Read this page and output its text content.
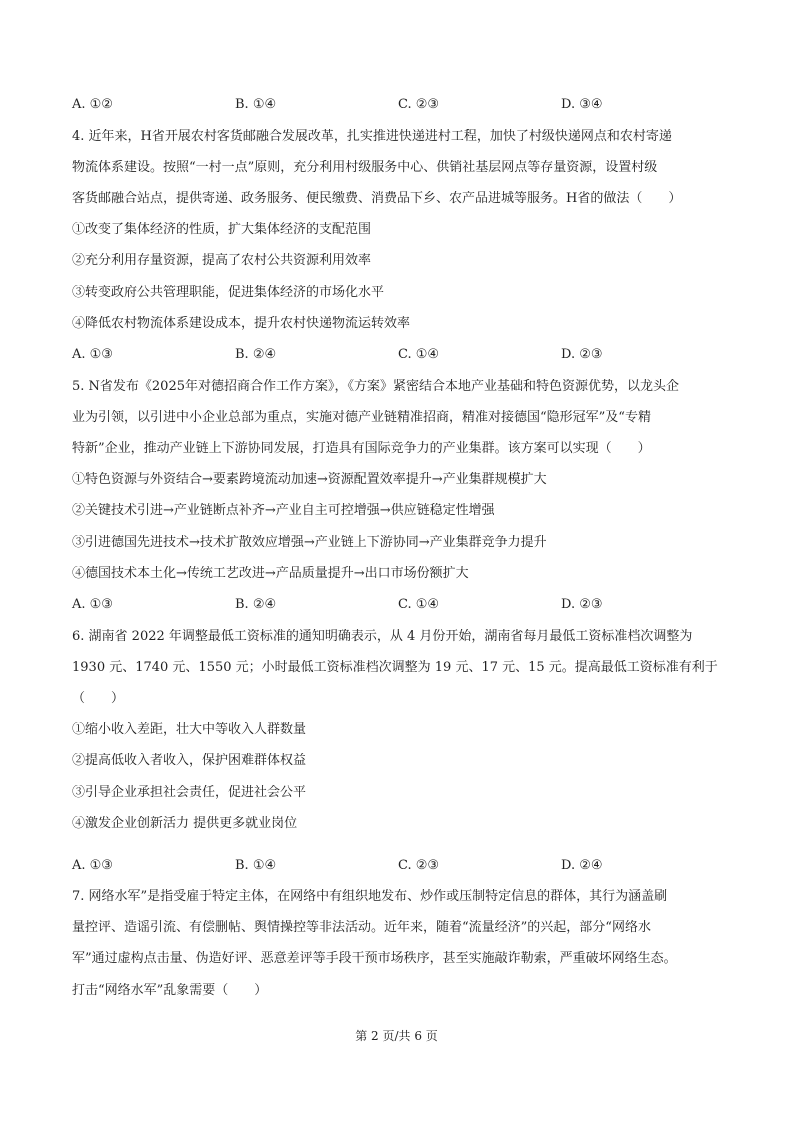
A. ①②	B. ①④	C. ②③	D. ③④
4. 近年来，H省开展农村客货邮融合发展改革，扎实推进快递进村工程，加快了村级快递网点和农村寄递
物流体系建设。按照“一村一点”原则，充分利用村级服务中心、供销社基层网点等存量资源，设置村级
客货邮融合站点，提供寄递、政务服务、便民缴费、消费品下乡、农产品进城等服务。H省的做法（　　）
①改变了集体经济的性质，扩大集体经济的支配范围
②充分利用存量资源，提高了农村公共资源利用效率
③转变政府公共管理职能，促进集体经济的市场化水平
④降低农村物流体系建设成本，提升农村快递物流运转效率
A. ①③	B. ②④	C. ①④	D. ②③
5. N省发布《2025年对德招商合作工作方案》，《方案》紧密结合本地产业基础和特色资源优势，以龙头企
业为引领，以引进中小企业总部为重点，实施对德产业链精准招商，精准对接德国“隐形冠军”及“专精
特新”企业，推动产业链上下游协同发展，打造具有国际竞争力的产业集群。该方案可以实现（　　）
①特色资源与外资结合→要素跨境流动加速→资源配置效率提升→产业集群规模扩大
②关键技术引进→产业链断点补齐→产业自主可控增强→供应链稳定性增强
③引进德国先进技术→技术扩散效应增强→产业链上下游协同→产业集群竞争力提升
④德国技术本土化→传统工艺改进→产品质量提升→出口市场份额扩大
A. ①③	B. ②④	C. ①④	D. ②③
6. 湖南省 2022 年调整最低工资标准的通知明确表示，从 4 月份开始，湖南省每月最低工资标准档次调整为
1930 元、1740 元、1550 元；小时最低工资标准档次调整为 19 元、17 元、15 元。提高最低工资标准有利于
（　　）
①缩小收入差距，壮大中等收入人群数量
②提高低收入者收入，保护困难群体权益
③引导企业承担社会责任，促进社会公平
④激发企业创新活力 提供更多就业岗位
A. ①③	B. ①④	C. ②③	D. ②④
7. 网络水军”是指受雇于特定主体，在网络中有组织地发布、炒作或压制特定信息的群体，其行为涵盖刷
量控评、造谣引流、有偿删帖、舆情操控等非法活动。近年来，随着“流量经济”的兴起，部分“网络水
军”通过虚构点击量、伪造好评、恶意差评等手段干预市场秩序，甚至实施敲诈勒索，严重破坏网络生态。
打击“网络水军”乱象需要（　　）
第 2 页/共 6 页
